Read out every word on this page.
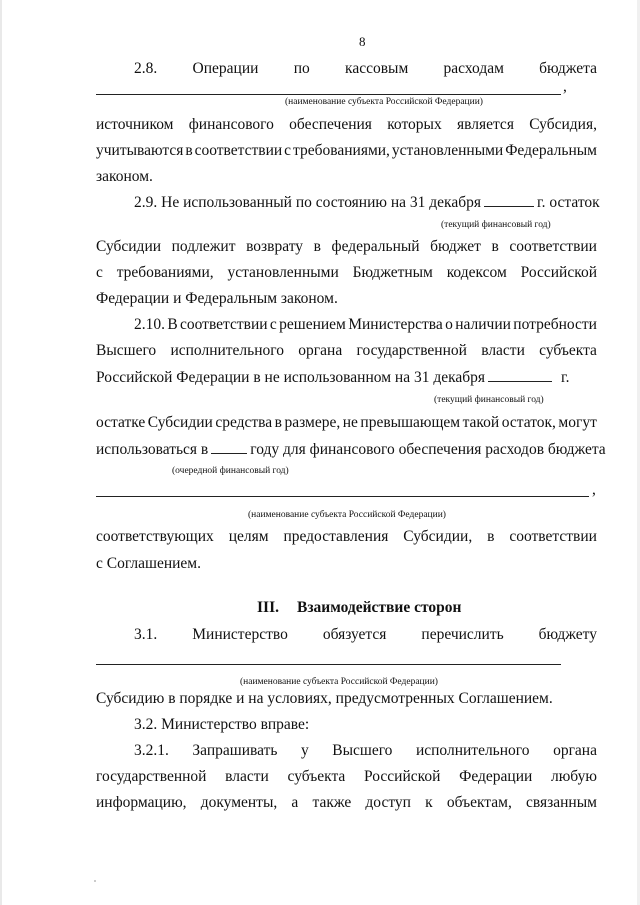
8
2.8. Операции по кассовым расходам бюджета
,
(наименование субъекта Российской Федерации)
источником финансового обеспечения которых является Субсидия,
учитываются в соответствии с требованиями, установленными Федеральным
законом.
2.9. Не использованный по состоянию на 31 декабря	г. остаток
(текущий финансовый год)
Субсидии подлежит возврату в федеральный бюджет в соответствии
с требованиями, установленными Бюджетным кодексом Российской
Федерации и Федеральным законом.
2.10. В соответствии с решением Министерства о наличии потребности
Высшего исполнительного органа государственной власти субъекта
Российской Федерации в не использованном на 31 декабря	г.
(текущий финансовый год)
остатке Субсидии средства в размере, не превышающем такой остаток, могут
использоваться в	году для финансового обеспечения расходов бюджета
(очередной финансовый год)
,
(наименование субъекта Российской Федерации)
соответствующих целям предоставления Субсидии, в соответствии
с Соглашением.
III. Взаимодействие сторон
3.1. Министерство обязуется перечислить бюджету
(наименование субъекта Российской Федерации)
Субсидию в порядке и на условиях, предусмотренных Соглашением.
3.2. Министерство вправе:
3.2.1. Запрашивать у Высшего исполнительного органа
государственной власти субъекта Российской Федерации любую
информацию, документы, а также доступ к объектам, связанным
